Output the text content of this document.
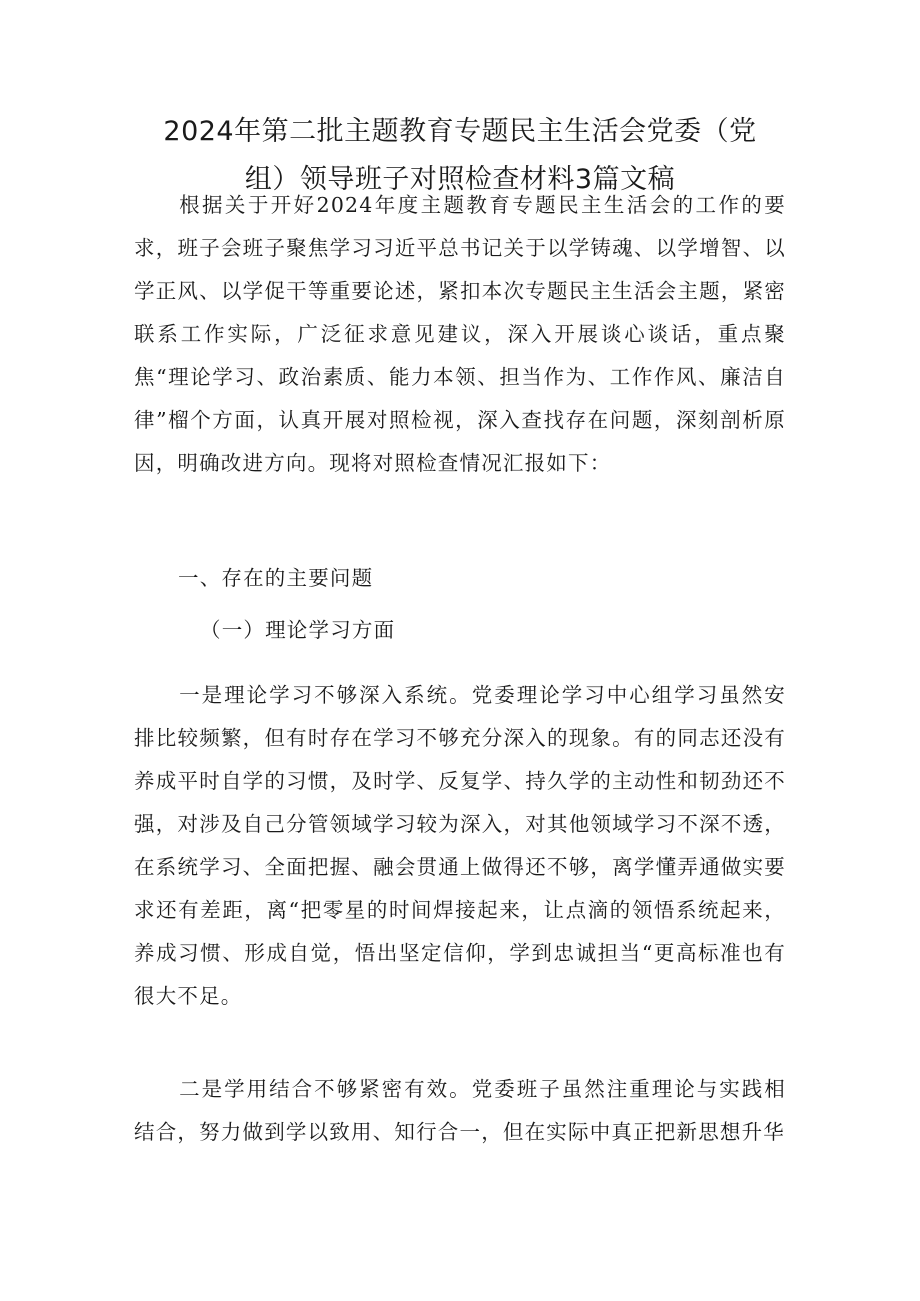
2024年第二批主题教育专题民主生活会党委（党
组）领导班子对照检查材料3篇文稿

根据关于开好2024年度主题教育专题民主生活会的工作的要求，班子会班子聚焦学习习近平总书记关于以学铸魂、以学增智、以学正风、以学促干等重要论述，紧扣本次专题民主生活会主题，紧密联系工作实际，广泛征求意见建议，深入开展谈心谈话，重点聚焦“理论学习、政治素质、能力本领、担当作为、工作作风、廉洁自律”榴个方面，认真开展对照检视，深入查找存在问题，深刻剖析原因，明确改进方向。现将对照检查情况汇报如下：

一、存在的主要问题
（一）理论学习方面

一是理论学习不够深入系统。党委理论学习中心组学习虽然安排比较频繁，但有时存在学习不够充分深入的现象。有的同志还没有养成平时自学的习惯，及时学、反复学、持久学的主动性和韧劲还不强，对涉及自己分管领域学习较为深入，对其他领域学习不深不透，在系统学习、全面把握、融会贯通上做得还不够，离学懂弄通做实要求还有差距，离“把零星的时间焊接起来，让点滴的领悟系统起来，养成习惯、形成自觉，悟出坚定信仰，学到忠诚担当“更高标准也有很大不足。

二是学用结合不够紧密有效。党委班子虽然注重理论与实践相结合，努力做到学以致用、知行合一，但在实际中真正把新思想升华
